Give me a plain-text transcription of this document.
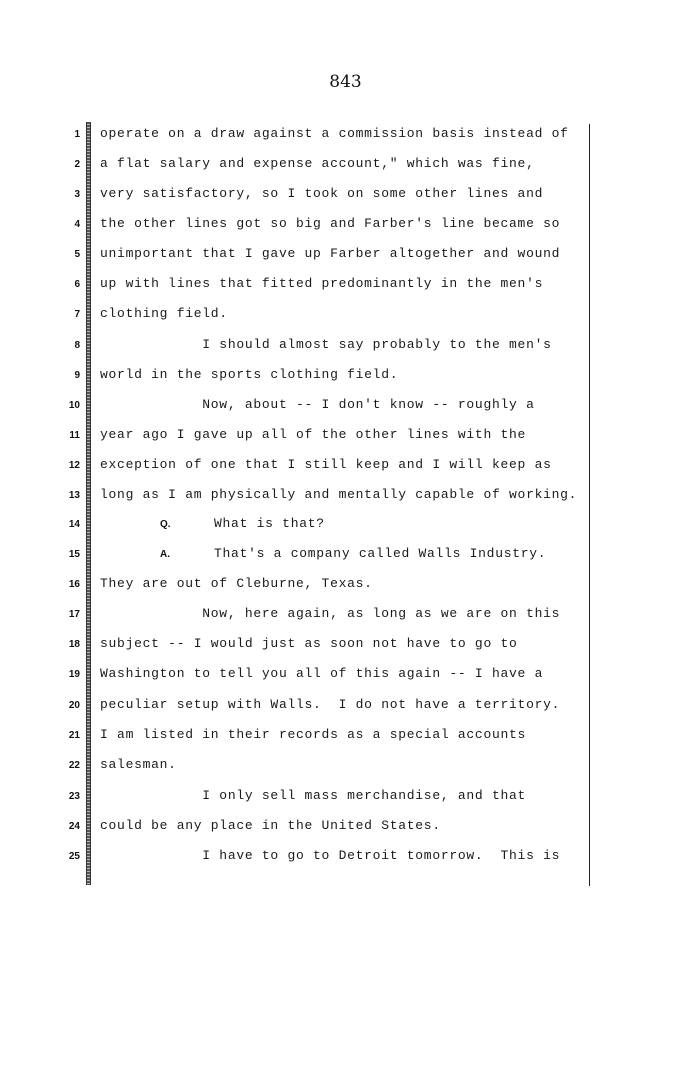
843
1
2
3
4
5
6
7
8
9
10
11
12
13
14
15
16
17
18
19
20
21
22
23
24
25
operate on a draw against a commission basis instead of
a flat salary and expense account," which was fine,
very satisfactory, so I took on some other lines and
the other lines got so big and Farber's line became so
unimportant that I gave up Farber altogether and wound
up with lines that fitted predominantly in the men's
clothing field.
I should almost say probably to the men's
world in the sports clothing field.
Now, about -- I don't know -- roughly a
year ago I gave up all of the other lines with the
exception of one that I still keep and I will keep as
long as I am physically and mentally capable of working.
Q.	What is that?
A.	That's a company called Walls Industry.
They are out of Cleburne, Texas.
Now, here again, as long as we are on this
subject -- I would just as soon not have to go to
Washington to tell you all of this again -- I have a
peculiar setup with Walls.  I do not have a territory.
I am listed in their records as a special accounts
salesman.
I only sell mass merchandise, and that
could be any place in the United States.
I have to go to Detroit tomorrow.  This is
